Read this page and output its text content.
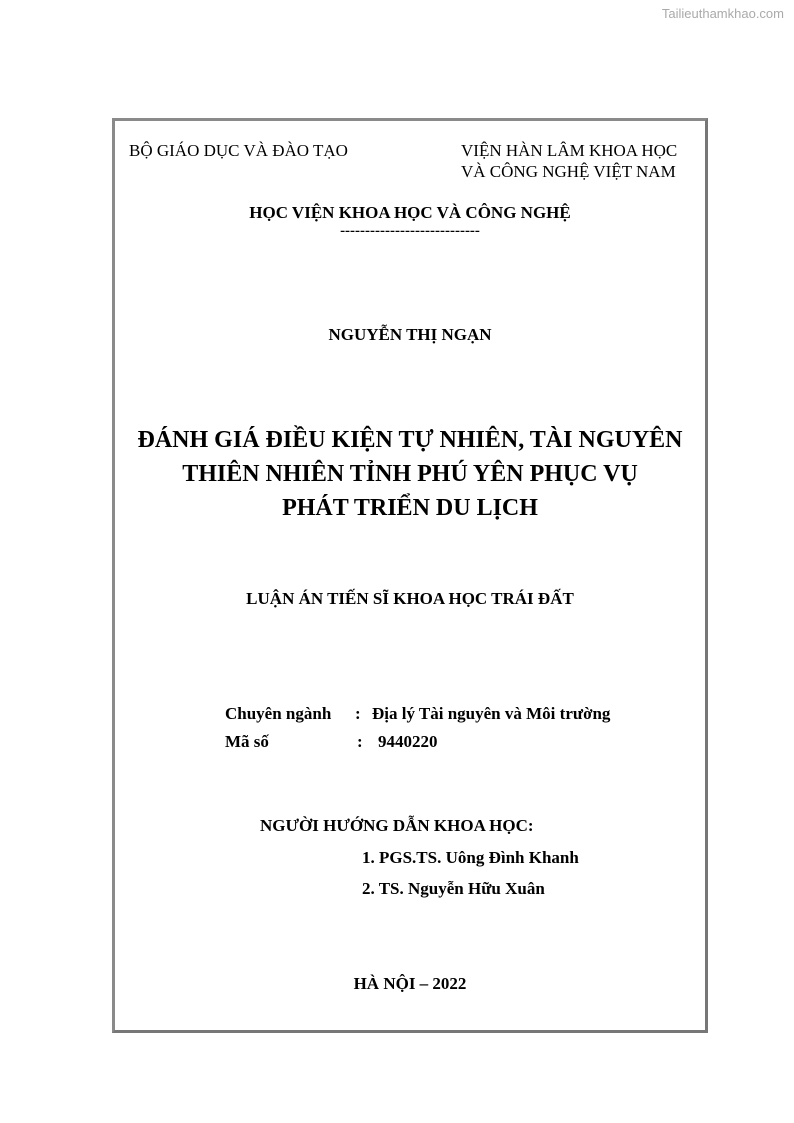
Tailieuthamkhao.com
BỘ GIÁO DỤC VÀ ĐÀO TẠO	VIỆN HÀN LÂM KHOA HỌC
VÀ CÔNG NGHỆ VIỆT NAM
HỌC VIỆN KHOA HỌC VÀ CÔNG NGHỆ
----------------------------
NGUYỄN THỊ NGẠN
ĐÁNH GIÁ ĐIỀU KIỆN TỰ NHIÊN, TÀI NGUYÊN
THIÊN NHIÊN TỈNH PHÚ YÊN PHỤC VỤ
PHÁT TRIỂN DU LỊCH
LUẬN ÁN TIẾN SĨ KHOA HỌC TRÁI ĐẤT
Chuyên ngành : Địa lý Tài nguyên và Môi trường
Mã số	: 9440220
NGƯỜI HƯỚNG DẪN KHOA HỌC:
1. PGS.TS. Uông Đình Khanh
2. TS. Nguyễn Hữu Xuân
HÀ NỘI – 2022
